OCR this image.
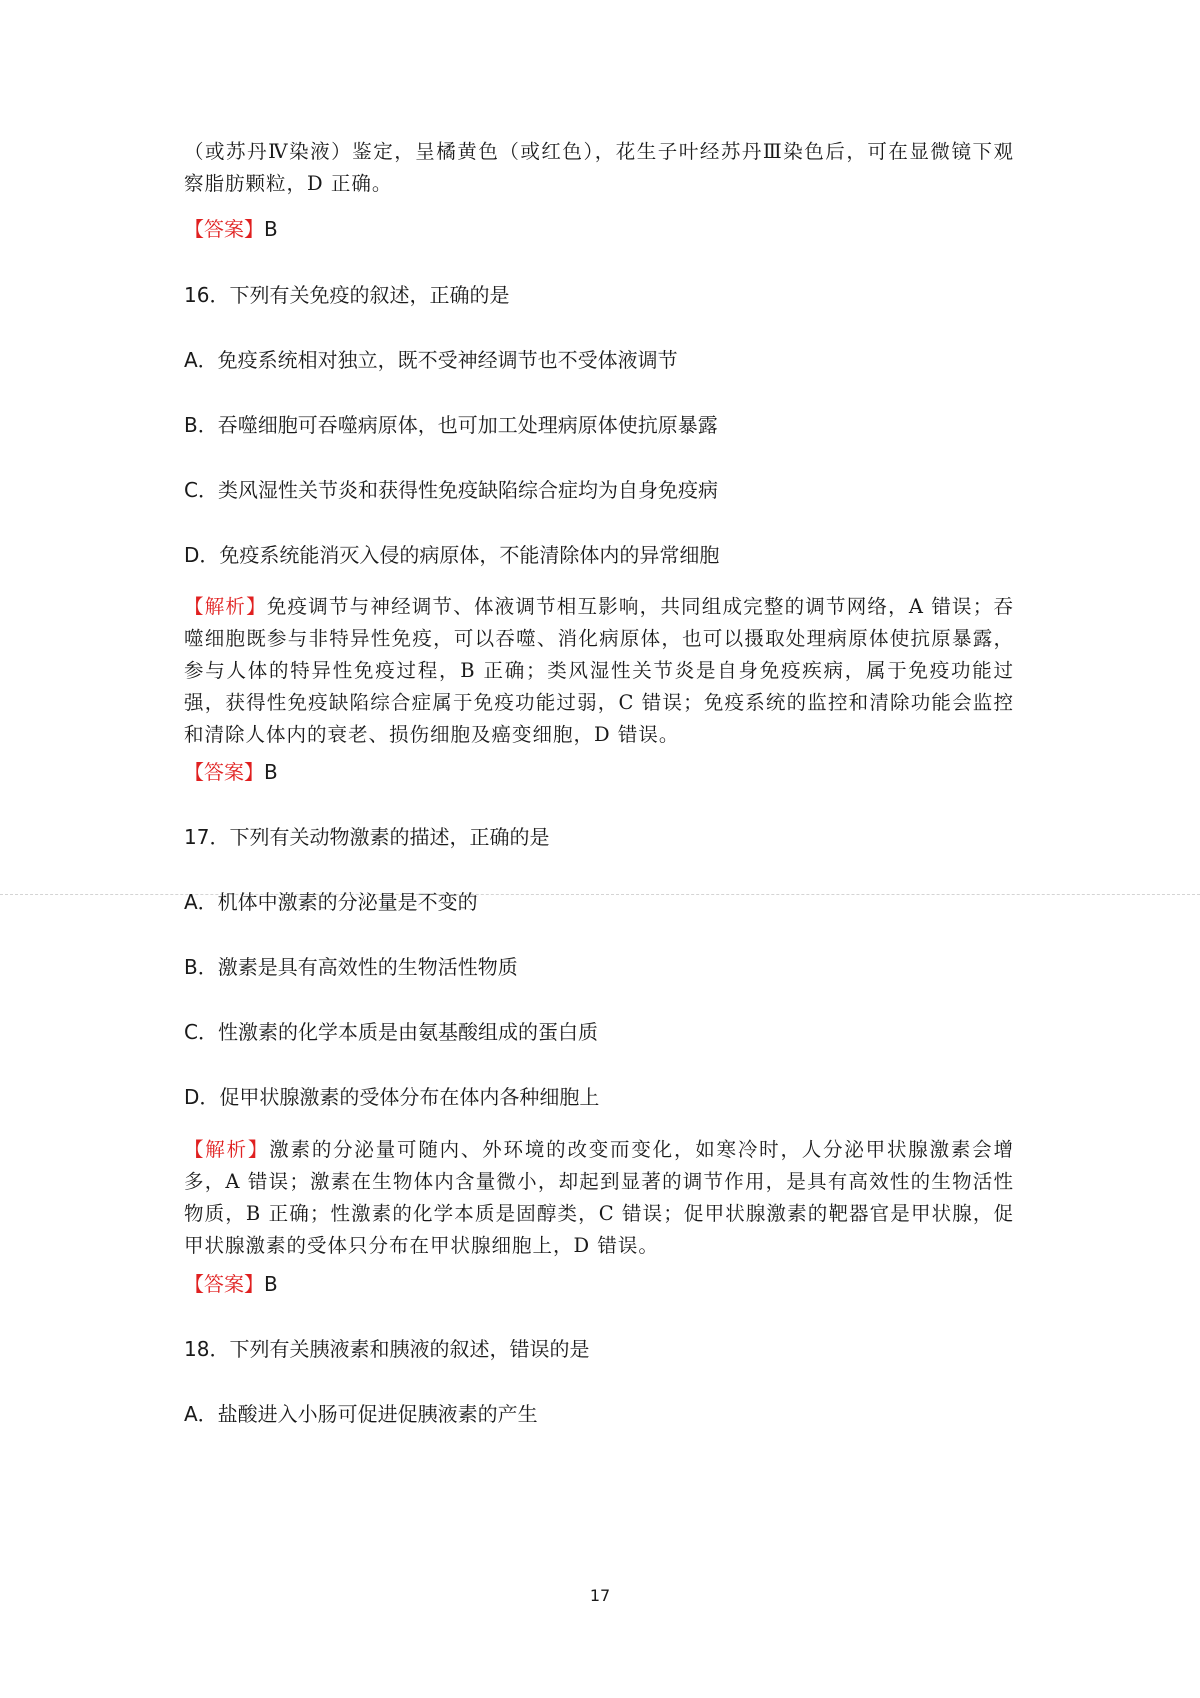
（或苏丹Ⅳ染液）鉴定，呈橘黄色（或红色），花生子叶经苏丹Ⅲ染色后，可在显微镜下观察脂肪颗粒，D 正确。
【答案】B
16．下列有关免疫的叙述，正确的是
A．免疫系统相对独立，既不受神经调节也不受体液调节
B．吞噬细胞可吞噬病原体，也可加工处理病原体使抗原暴露
C．类风湿性关节炎和获得性免疫缺陷综合症均为自身免疫病
D．免疫系统能消灭入侵的病原体，不能清除体内的异常细胞
【解析】免疫调节与神经调节、体液调节相互影响，共同组成完整的调节网络，A 错误；吞噬细胞既参与非特异性免疫，可以吞噬、消化病原体，也可以摄取处理病原体使抗原暴露，参与人体的特异性免疫过程，B 正确；类风湿性关节炎是自身免疫疾病，属于免疫功能过强，获得性免疫缺陷综合症属于免疫功能过弱，C 错误；免疫系统的监控和清除功能会监控和清除人体内的衰老、损伤细胞及癌变细胞，D 错误。
【答案】B
17．下列有关动物激素的描述，正确的是
A．机体中激素的分泌量是不变的
B．激素是具有高效性的生物活性物质
C．性激素的化学本质是由氨基酸组成的蛋白质
D．促甲状腺激素的受体分布在体内各种细胞上
【解析】激素的分泌量可随内、外环境的改变而变化，如寒冷时，人分泌甲状腺激素会增多，A 错误；激素在生物体内含量微小，却起到显著的调节作用，是具有高效性的生物活性物质，B 正确；性激素的化学本质是固醇类，C 错误；促甲状腺激素的靶器官是甲状腺，促甲状腺激素的受体只分布在甲状腺细胞上，D 错误。
【答案】B
18．下列有关胰液素和胰液的叙述，错误的是
A．盐酸进入小肠可促进促胰液素的产生
17
